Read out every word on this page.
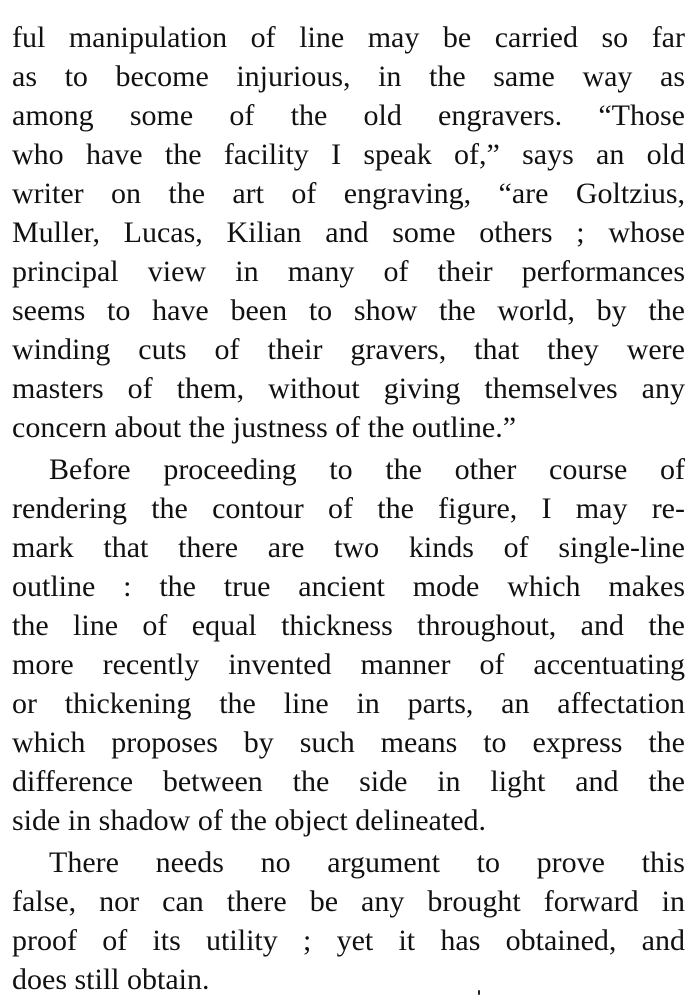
ful manipulation of line may be carried so far
as to become injurious, in the same way as
among some of the old engravers. “Those
who have the facility I speak of,” says an old
writer on the art of engraving, “are Goltzius,
Muller, Lucas, Kilian and some others ; whose
principal view in many of their performances
seems to have been to show the world, by the
winding cuts of their gravers, that they were
masters of them, without giving themselves any
concern about the justness of the outline.”
Before proceeding to the other course of
rendering the contour of the figure, I may re-
mark that there are two kinds of single-line
outline : the true ancient mode which makes
the line of equal thickness throughout, and the
more recently invented manner of accentuating
or thickening the line in parts, an affectation
which proposes by such means to express the
difference between the side in light and the
side in shadow of the object delineated.
There needs no argument to prove this
false, nor can there be any brought forward in
proof of its utility ; yet it has obtained, and
does still obtain.
